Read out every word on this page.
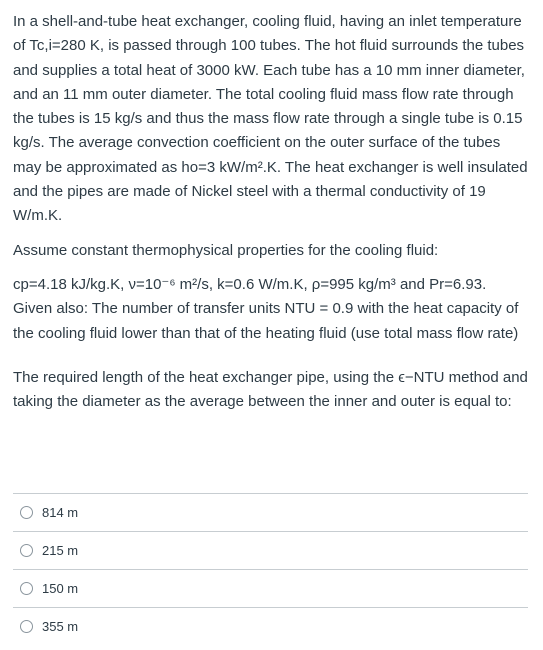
In a shell-and-tube heat exchanger, cooling fluid, having an inlet temperature of Tc,i=280 K, is passed through 100 tubes. The hot fluid surrounds the tubes and supplies a total heat of 3000 kW. Each tube has a 10 mm inner diameter, and an 11 mm outer diameter. The total cooling fluid mass flow rate through the tubes is 15 kg/s and thus the mass flow rate through a single tube is 0.15 kg/s. The average convection coefficient on the outer surface of the tubes may be approximated as ho=3 kW/m².K. The heat exchanger is well insulated and the pipes are made of Nickel steel with a thermal conductivity of 19 W/m.K.

Assume constant thermophysical properties for the cooling fluid:

cp=4.18 kJ/kg.K, ν=10⁻⁶ m²/s, k=0.6 W/m.K, ρ=995 kg/m³ and Pr=6.93. Given also: The number of transfer units NTU = 0.9 with the heat capacity of the cooling fluid lower than that of the heating fluid (use total mass flow rate)

The required length of the heat exchanger pipe, using the ϵ−NTU method and taking the diameter as the average between the inner and outer is equal to:

814 m
215 m
150 m
355 m
